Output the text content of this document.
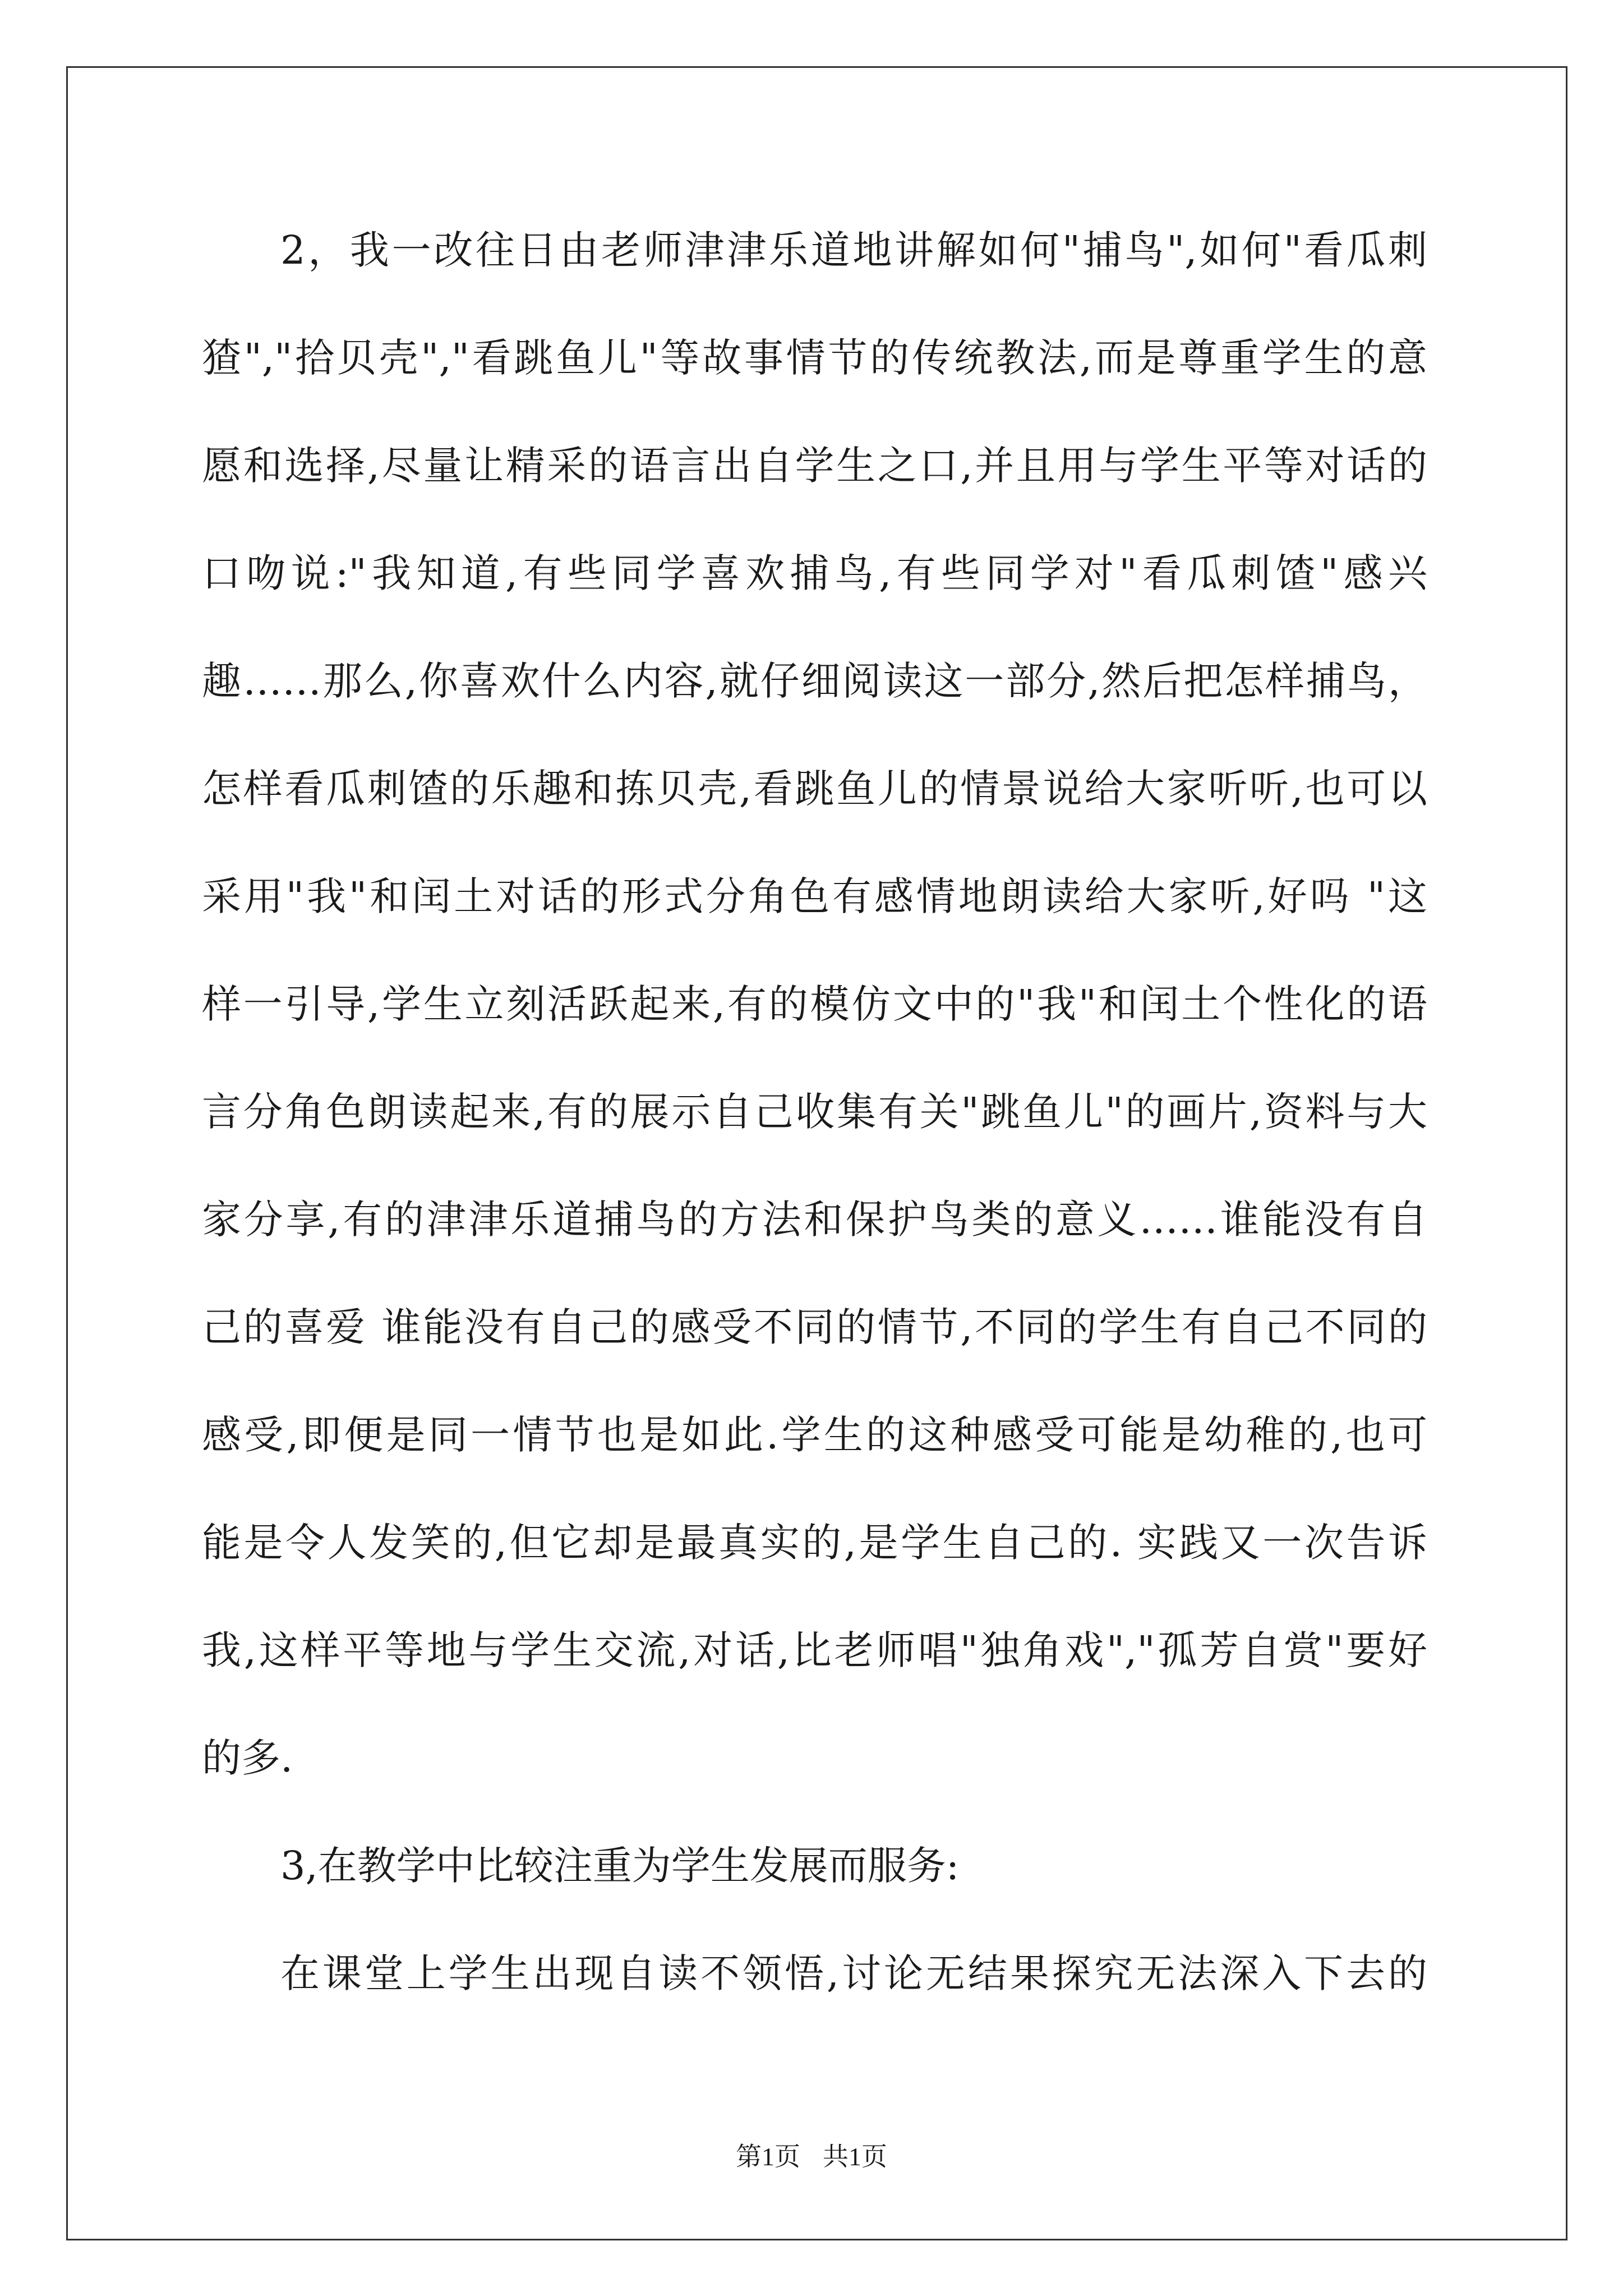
2，我一改往日由老师津津乐道地讲解如何"捕鸟",如何"看瓜刺
猹","拾贝壳","看跳鱼儿"等故事情节的传统教法,而是尊重学生的意
愿和选择,尽量让精采的语言出自学生之口,并且用与学生平等对话的
口吻说:"我知道,有些同学喜欢捕鸟,有些同学对"看瓜刺馇"感兴
趣……那么,你喜欢什么内容,就仔细阅读这一部分,然后把怎样捕鸟，
怎样看瓜刺馇的乐趣和拣贝壳,看跳鱼儿的情景说给大家听听,也可以
采用"我"和闰土对话的形式分角色有感情地朗读给大家听,好吗 "这
样一引导,学生立刻活跃起来,有的模仿文中的"我"和闰土个性化的语
言分角色朗读起来,有的展示自己收集有关"跳鱼儿"的画片,资料与大
家分享,有的津津乐道捕鸟的方法和保护鸟类的意义……谁能没有自
己的喜爱 谁能没有自己的感受不同的情节,不同的学生有自己不同的
感受,即便是同一情节也是如此.学生的这种感受可能是幼稚的,也可
能是令人发笑的,但它却是最真实的,是学生自己的. 实践又一次告诉
我,这样平等地与学生交流,对话,比老师唱"独角戏","孤芳自赏"要好
的多.
3,在教学中比较注重为学生发展而服务:
在课堂上学生出现自读不领悟,讨论无结果探究无法深入下去的
第1页 共1页
